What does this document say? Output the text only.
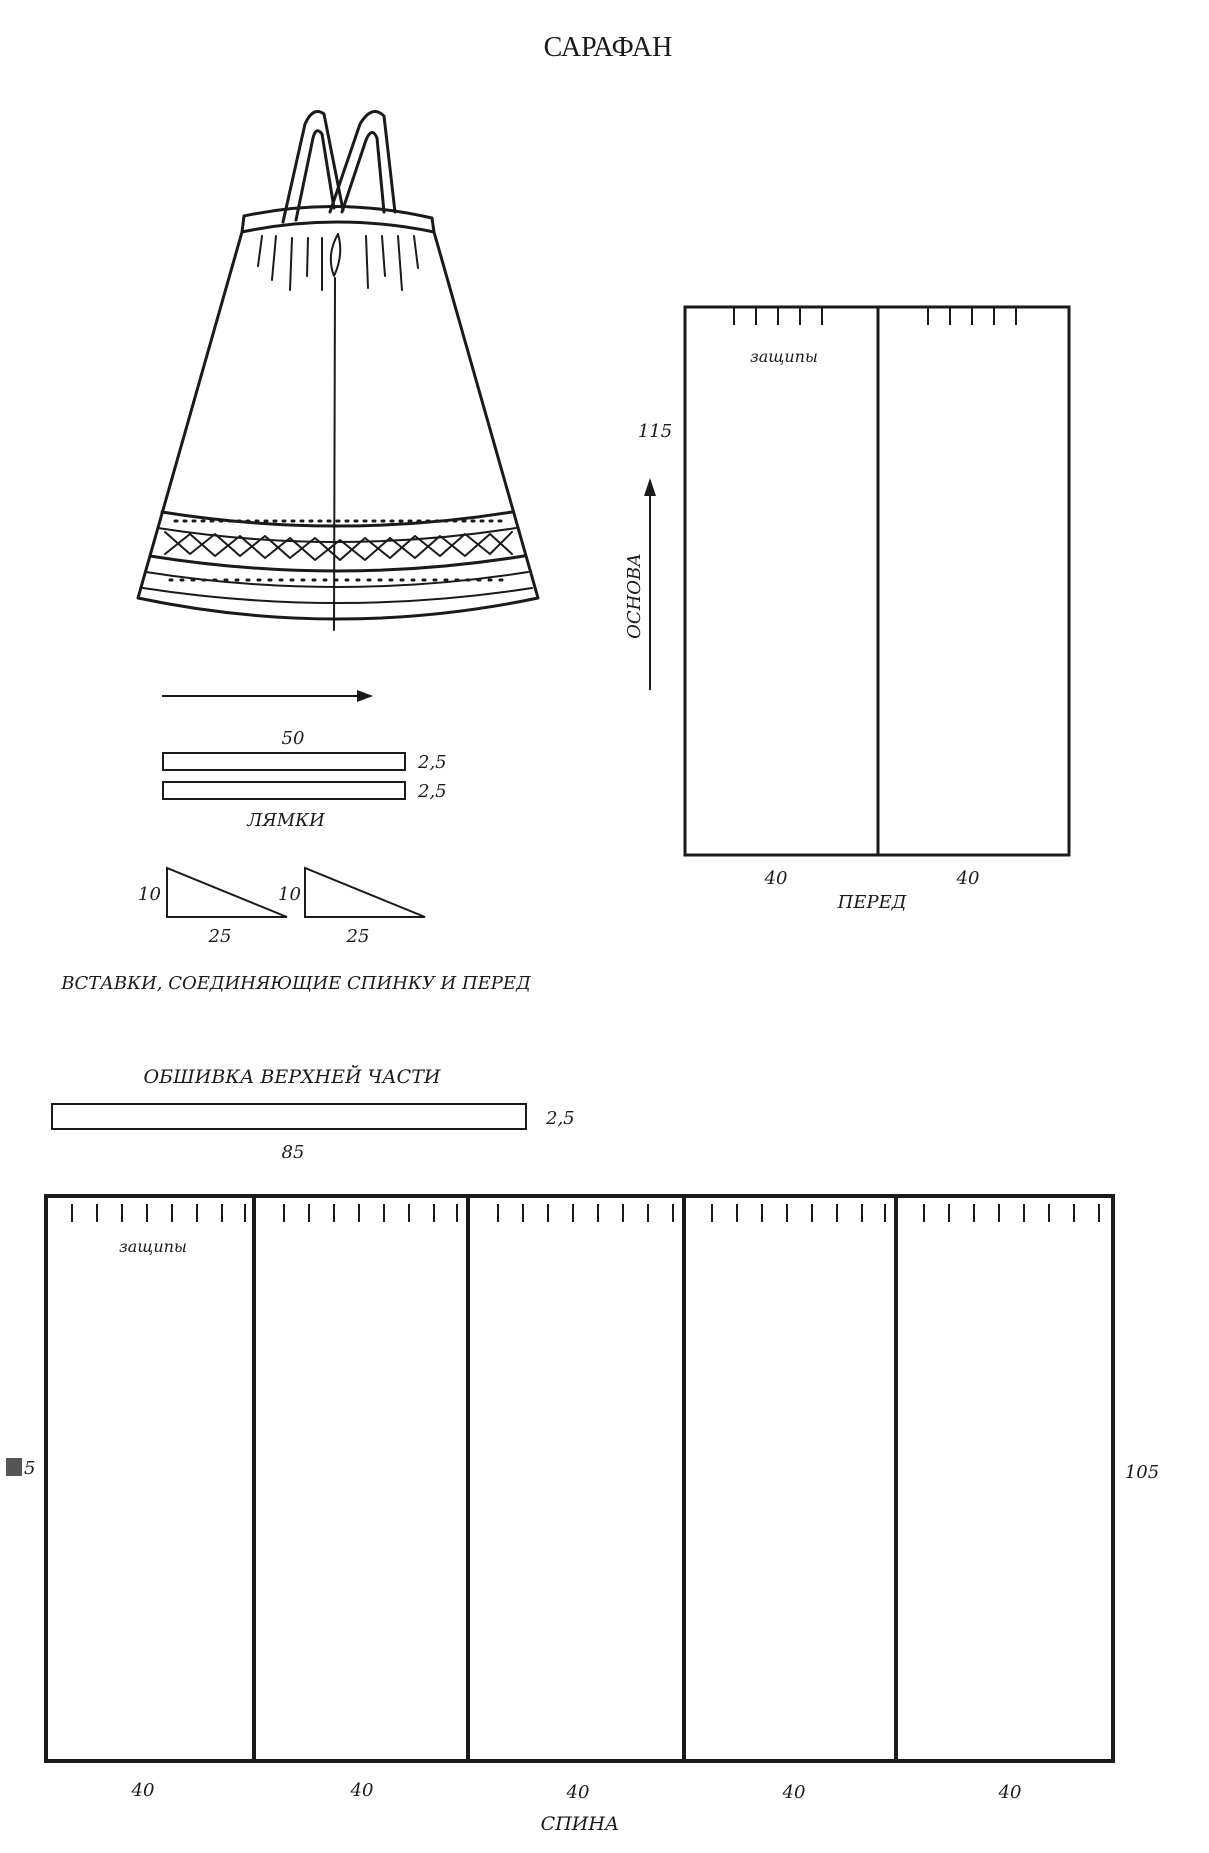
САРАФАН
50
2,5
2,5
ЛЯМКИ
10	10
25	25
ВСТАВКИ, СОЕДИНЯЮЩИЕ СПИНКУ И ПЕРЕД
защипы
115
40	40
ПЕРЕД
ОСНОВА
ОБШИВКА ВЕРХНЕЙ ЧАСТИ
2,5
85
защипы
5	105
40	40	40	40	40
СПИНА
